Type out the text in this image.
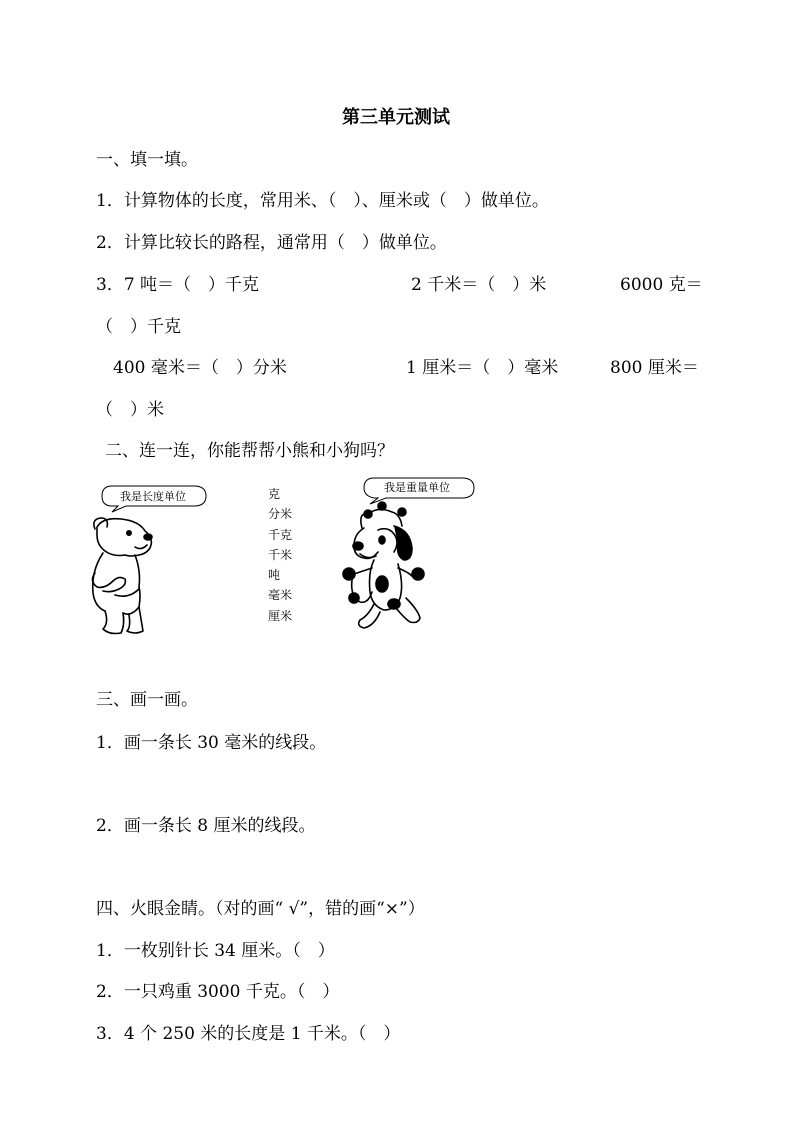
第三单元测试
一、填一填。
1．计算物体的长度，常用米、（　）、厘米或（　）做单位。
2．计算比较长的路程，通常用（　）做单位。
3．7 吨＝（　）千克	2 千米＝（　）米	6000 克＝
（　）千克
400 毫米＝（　）分米	1 厘米＝（　）毫米	800 厘米＝
（　）米
二、连一连，你能帮帮小熊和小狗吗？
我是长度单位	克
分米
千克
千米
吨
毫米
厘米
我是重量单位
三、画一画。
1．画一条长 30 毫米的线段。
2．画一条长 8 厘米的线段。
四、火眼金睛。（对的画“ √”，错的画“×”）
1．一枚别针长 34 厘米。（　）
2．一只鸡重 3000 千克。（　）
3．4 个 250 米的长度是 1 千米。（　）
